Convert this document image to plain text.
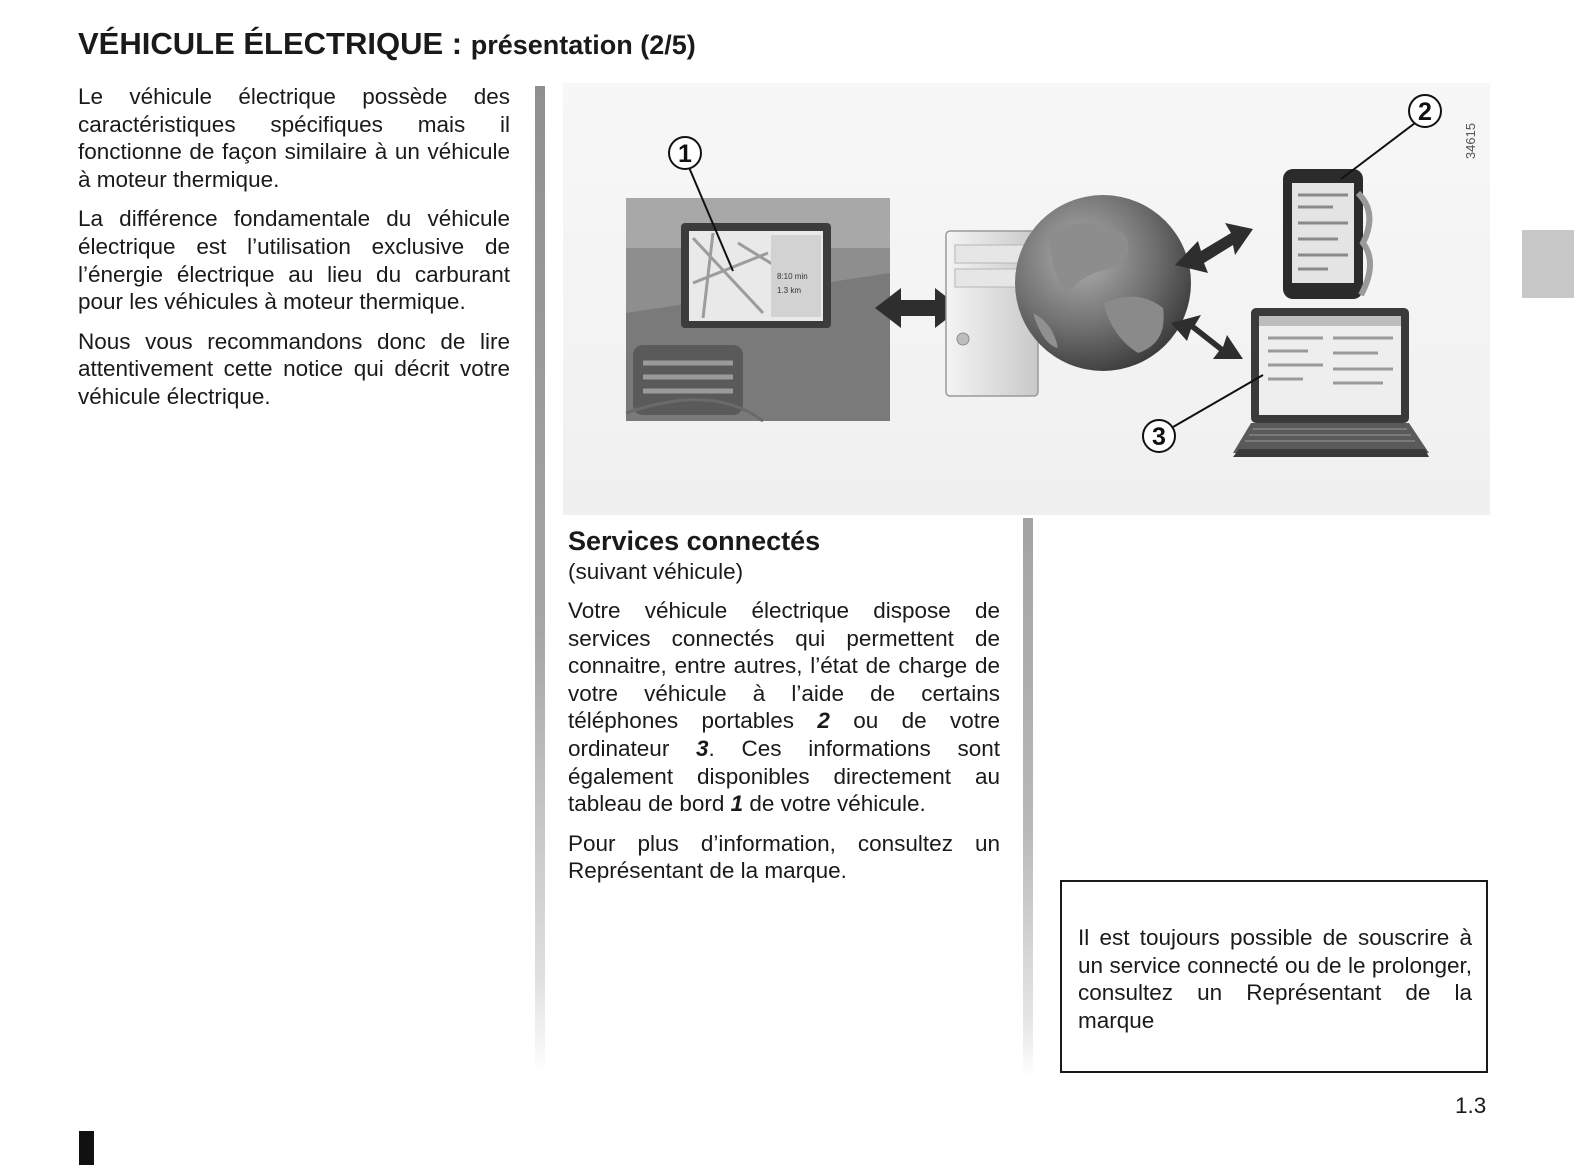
VÉHICULE ÉLECTRIQUE : présentation (2/5)

Le véhicule électrique possède des caractéristiques spécifiques mais il fonctionne de façon similaire à un véhicule à moteur thermique.

La différence fondamentale du véhicule électrique est l’utilisation exclusive de l’énergie électrique au lieu du carburant pour les véhicules à moteur thermique.

Nous vous recommandons donc de lire attentivement cette notice qui décrit votre véhicule électrique.

8:10 min
1.3 km
1
2
3
34615
Services connectés
(suivant véhicule)

Votre véhicule électrique dispose de services connectés qui permettent de connaitre, entre autres, l’état de charge de votre véhicule à l’aide de certains téléphones portables 2 ou de votre ordinateur 3. Ces informations sont également disponibles directement au tableau de bord 1 de votre véhicule.

Pour plus d’information, consultez un Représentant de la marque.

Il est toujours possible de souscrire à un service connecté ou de le prolonger, consultez un Représentant de la marque

1.3
